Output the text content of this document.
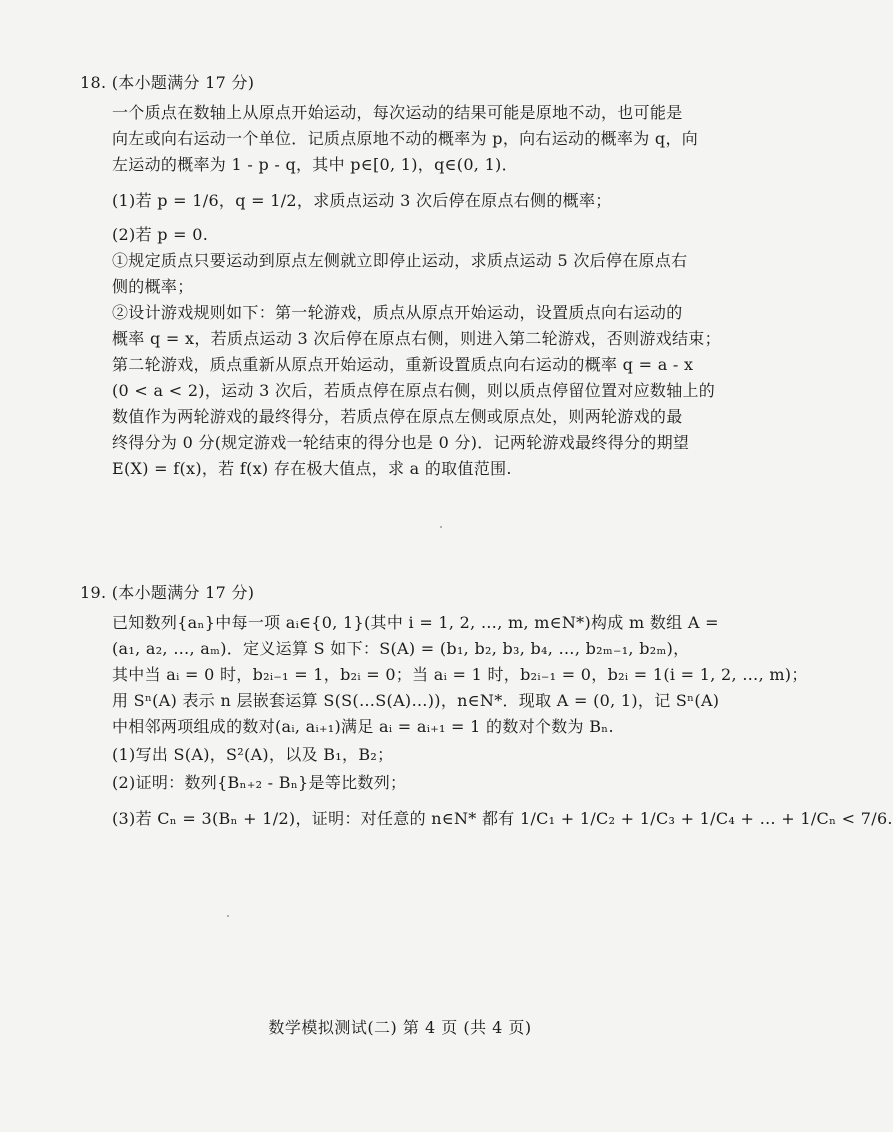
18. (本小题满分 17 分)
一个质点在数轴上从原点开始运动，每次运动的结果可能是原地不动，也可能是
向左或向右运动一个单位．记质点原地不动的概率为 p，向右运动的概率为 q，向
左运动的概率为 1 - p - q，其中 p∈[0, 1)，q∈(0, 1)．
(1)若 p = 1/6，q = 1/2，求质点运动 3 次后停在原点右侧的概率；
(2)若 p = 0.
①规定质点只要运动到原点左侧就立即停止运动，求质点运动 5 次后停在原点右
侧的概率；
②设计游戏规则如下：第一轮游戏，质点从原点开始运动，设置质点向右运动的
概率 q = x，若质点运动 3 次后停在原点右侧，则进入第二轮游戏，否则游戏结束；
第二轮游戏，质点重新从原点开始运动，重新设置质点向右运动的概率 q = a - x
(0 < a < 2)，运动 3 次后，若质点停在原点右侧，则以质点停留位置对应数轴上的
数值作为两轮游戏的最终得分，若质点停在原点左侧或原点处，则两轮游戏的最
终得分为 0 分(规定游戏一轮结束的得分也是 0 分)．记两轮游戏最终得分的期望
E(X) = f(x)，若 f(x) 存在极大值点，求 a 的取值范围.
19. (本小题满分 17 分)
已知数列{aₙ}中每一项 aᵢ∈{0, 1}(其中 i = 1, 2, …, m, m∈N*)构成 m 数组 A =
(a₁, a₂, …, aₘ)．定义运算 S 如下：S(A) = (b₁, b₂, b₃, b₄, …, b₂ₘ₋₁, b₂ₘ)，
其中当 aᵢ = 0 时，b₂ᵢ₋₁ = 1，b₂ᵢ = 0；当 aᵢ = 1 时，b₂ᵢ₋₁ = 0，b₂ᵢ = 1(i = 1, 2, …, m)；
用 Sⁿ(A) 表示 n 层嵌套运算 S(S(…S(A)…))，n∈N*．现取 A = (0, 1)，记 Sⁿ(A)
中相邻两项组成的数对(aᵢ, aᵢ₊₁)满足 aᵢ = aᵢ₊₁ = 1 的数对个数为 Bₙ.
(1)写出 S(A)，S²(A)，以及 B₁，B₂；
(2)证明：数列{Bₙ₊₂ - Bₙ}是等比数列；
(3)若 Cₙ = 3(Bₙ + 1/2)，证明：对任意的 n∈N* 都有 1/C₁ + 1/C₂ + 1/C₃ + 1/C₄ + … + 1/Cₙ < 7/6.
数学模拟测试(二) 第 4 页 (共 4 页)
